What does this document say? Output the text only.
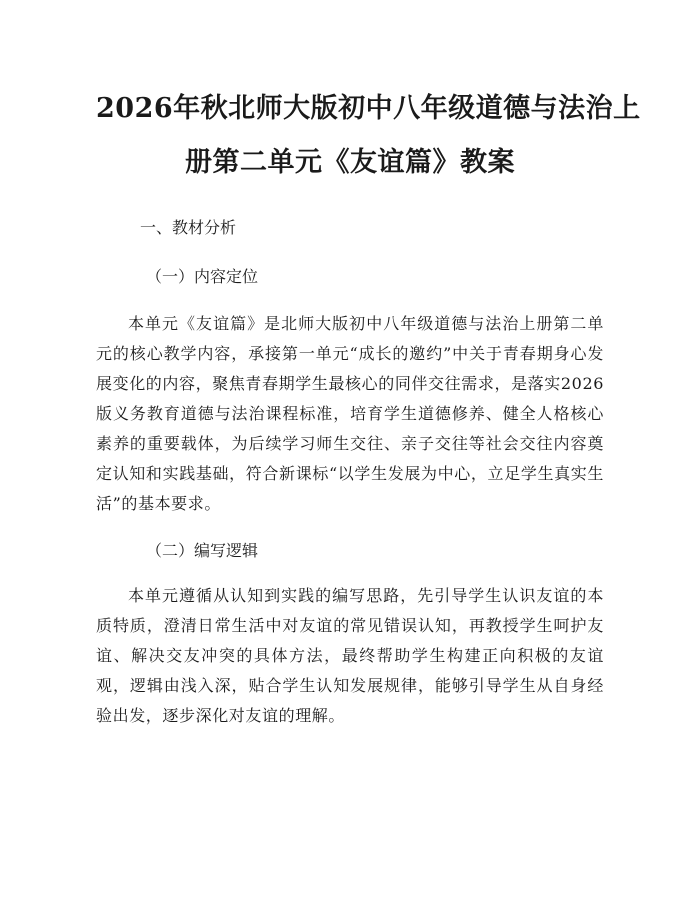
2026年秋北师大版初中八年级道德与法治上
册第二单元《友谊篇》教案

一、教材分析

（一）内容定位

本单元《友谊篇》是北师大版初中八年级道德与法治上册第二单元的核心教学内容，承接第一单元“成长的邀约”中关于青春期身心发展变化的内容，聚焦青春期学生最核心的同伴交往需求，是落实2026版义务教育道德与法治课程标准，培育学生道德修养、健全人格核心素养的重要载体，为后续学习师生交往、亲子交往等社会交往内容奠定认知和实践基础，符合新课标“以学生发展为中心，立足学生真实生活”的基本要求。

（二）编写逻辑

本单元遵循从认知到实践的编写思路，先引导学生认识友谊的本质特质，澄清日常生活中对友谊的常见错误认知，再教授学生呵护友谊、解决交友冲突的具体方法，最终帮助学生构建正向积极的友谊观，逻辑由浅入深，贴合学生认知发展规律，能够引导学生从自身经验出发，逐步深化对友谊的理解。
